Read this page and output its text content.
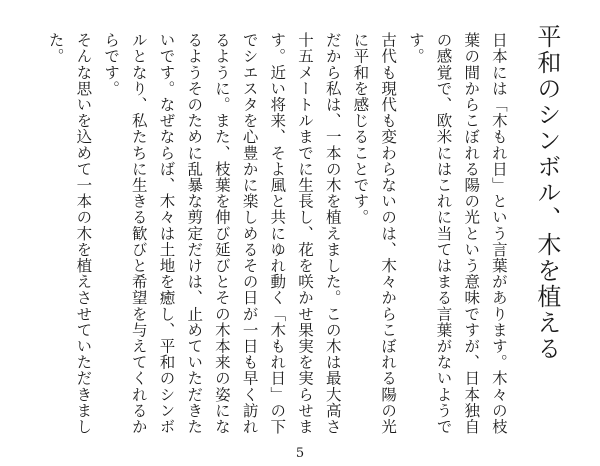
平和のシンボル、木を植える

日本には「木もれ日」という言葉があります。木々の枝葉の間からこぼれる陽の光という意味ですが、日本独自の感覚で、欧米にはこれに当てはまる言葉がないようです。

古代も現代も変わらないのは、木々からこぼれる陽の光に平和を感じることです。

だから私は、一本の木を植えました。この木は最大高さ十五メートルまでに生長し、花を咲かせ果実を実らせます。近い将来、そよ風と共にゆれ動く「木もれ日」の下でシエスタを心豊かに楽しめるその日が一日も早く訪れるように。また、枝葉を伸び延びとその木本来の姿になるようそのために乱暴な剪定だけは、止めていただきたいです。なぜならば、木々は土地を癒し、平和のシンボルとなり、私たちに生きる歓びと希望を与えてくれるからです。

そんな思いを込めて一本の木を植えさせていただきました。

5
